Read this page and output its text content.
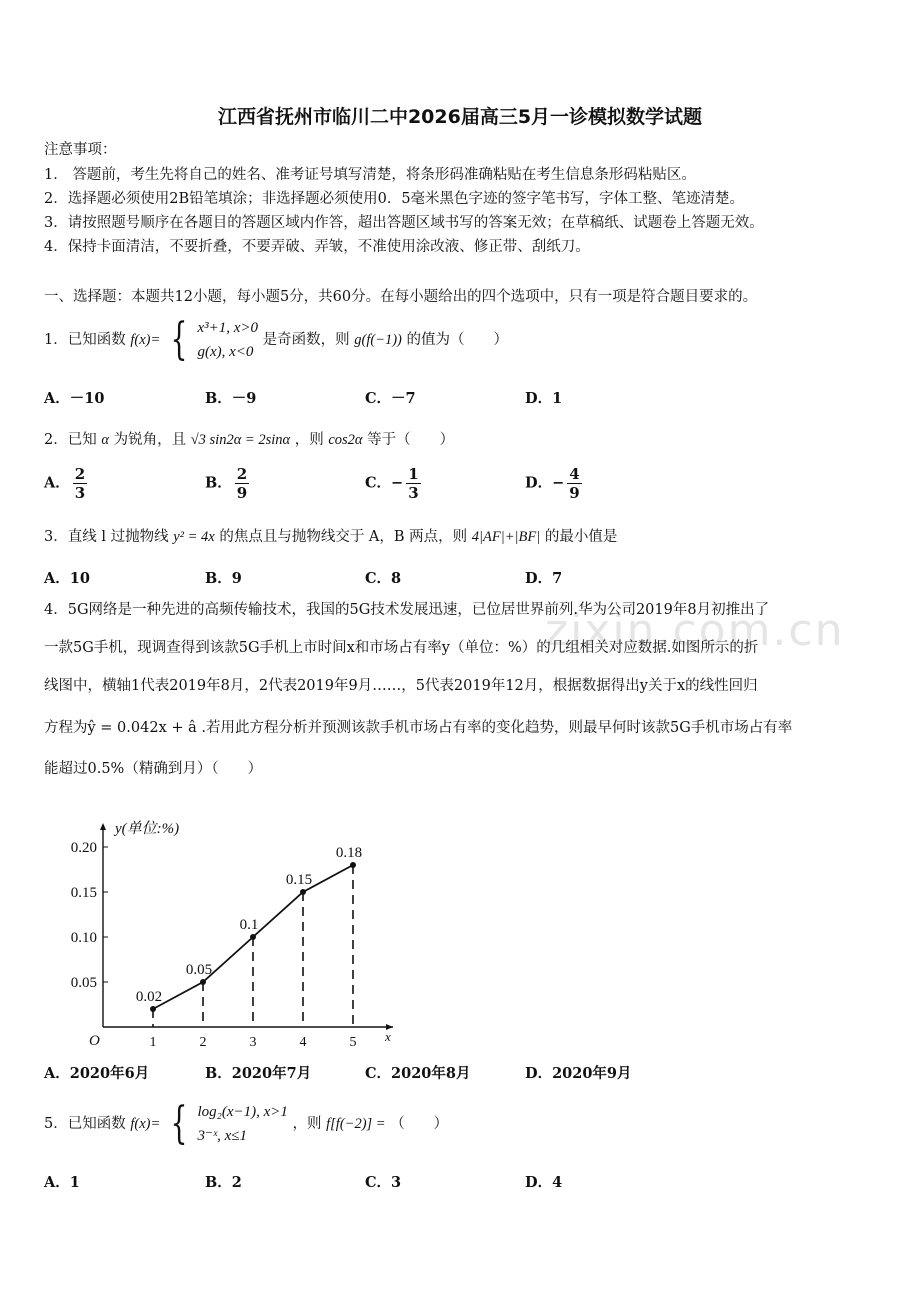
江西省抚州市临川二中2026届高三5月一诊模拟数学试题
注意事项：
1． 答题前，考生先将自己的姓名、准考证号填写清楚，将条形码准确粘贴在考生信息条形码粘贴区。
2．选择题必须使用2B铅笔填涂；非选择题必须使用0．5毫米黑色字迹的签字笔书写，字体工整、笔迹清楚。
3．请按照题号顺序在各题目的答题区域内作答，超出答题区域书写的答案无效；在草稿纸、试题卷上答题无效。
4．保持卡面清洁，不要折叠，不要弄破、弄皱，不准使用涂改液、修正带、刮纸刀。
一、选择题：本题共12小题，每小题5分，共60分。在每小题给出的四个选项中，只有一项是符合题目要求的。
1．已知函数 f(x)= { x³+1, x>0
g(x), x<0
是奇函数，则 g(f(−1)) 的值为（　　）
A．－10	B．－9	C．－7	D．1
2．已知 α 为锐角，且 √3 sin2α = 2sinα ，则 cos2α 等于（　　）
A． $\frac{2}{3}$	B． $\frac{2}{9}$	C．− $\frac{1}{3}$	D．− $\frac{4}{9}$
3．直线 l 过抛物线 y² = 4x 的焦点且与抛物线交于 A，B 两点，则 4|AF|+|BF| 的最小值是
A．10	B．9	C．8	D．7
zixin.com.cn
4．5G网络是一种先进的高频传输技术，我国的5G技术发展迅速，已位居世界前列.华为公司2019年8月初推出了
一款5G手机，现调查得到该款5G手机上市时间x和市场占有率y（单位：%）的几组相关对应数据.如图所示的折
线图中，横轴1代表2019年8月，2代表2019年9月……，5代表2019年12月，根据数据得出y关于x的线性回归
方程为ŷ = 0.042x + â .若用此方程分析并预测该款手机市场占有率的变化趋势，则最早何时该款5G手机市场占有率
能超过0.5%（精确到月）（　　）
y(单位:%)
x
O
0.05
0.10
0.15
0.20
1	2	3	4	5
0.02
0.05
0.1
0.15
0.18
A．2020年6月	B．2020年7月	C．2020年8月	D．2020年9月
5．已知函数 f(x)= { log₂(x−1), x>1
3⁻ˣ, x≤1
，则 f[f(−2)] = （　　）
A．1	B．2	C．3	D．4
